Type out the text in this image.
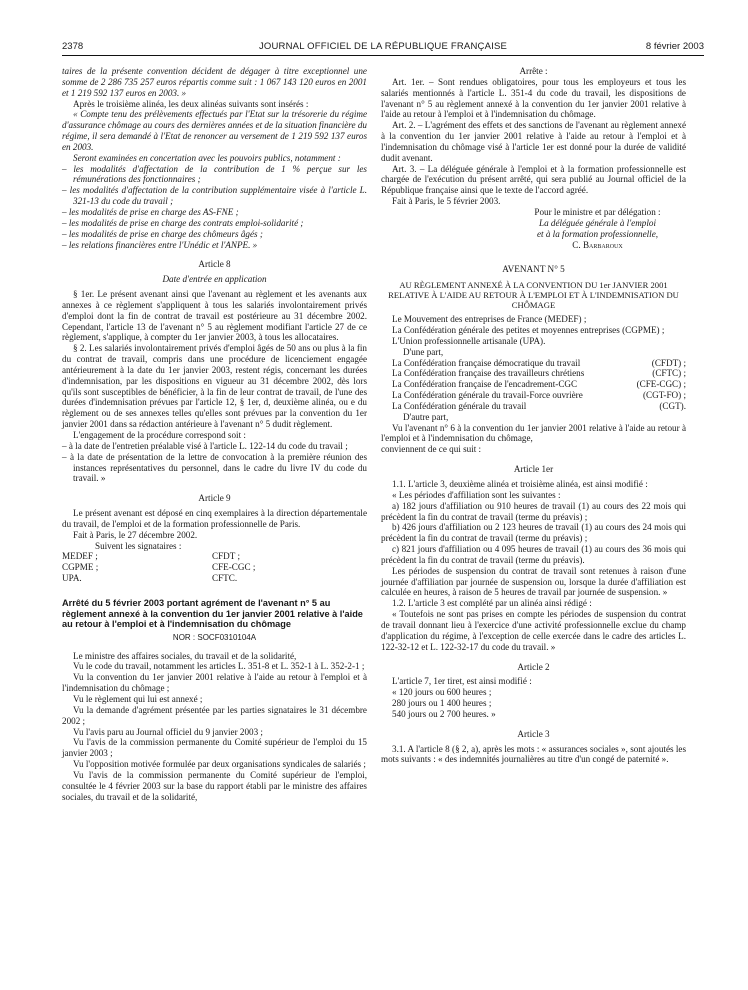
2378	JOURNAL OFFICIEL DE LA RÉPUBLIQUE FRANÇAISE	8 février 2003

taires de la présente convention décident de dégager à titre exceptionnel une somme de 2 286 735 257 euros répartis comme suit : 1 067 143 120 euros en 2001 et 1 219 592 137 euros en 2003. »

Après le troisième alinéa, les deux alinéas suivants sont insérés :

« Compte tenu des prélèvements effectués par l'Etat sur la trésorerie du régime d'assurance chômage au cours des dernières années et de la situation financière du régime, il sera demandé à l'Etat de renoncer au versement de 1 219 592 137 euros en 2003.

Seront examinées en concertation avec les pouvoirs publics, notamment :

– les modalités d'affectation de la contribution de 1 % perçue sur les rémunérations des fonctionnaires ;

– les modalités d'affectation de la contribution supplémentaire visée à l'article L. 321-13 du code du travail ;

– les modalités de prise en charge des AS-FNE ;

– les modalités de prise en charge des contrats emploi-solidarité ;

– les modalités de prise en charge des chômeurs âgés ;

– les relations financières entre l'Unédic et l'ANPE. »

Article 8

Date d'entrée en application

§ 1er. Le présent avenant ainsi que l'avenant au règlement et les avenants aux annexes à ce règlement s'appliquent à tous les salariés involontairement privés d'emploi dont la fin de contrat de travail est postérieure au 31 décembre 2002. Cependant, l'article 13 de l'avenant n° 5 au règlement modifiant l'article 27 de ce règlement, s'applique, à compter du 1er janvier 2003, à tous les allocataires.

§ 2. Les salariés involontairement privés d'emploi âgés de 50 ans ou plus à la fin du contrat de travail, compris dans une procédure de licenciement engagée antérieurement à la date du 1er janvier 2003, restent régis, concernant les durées d'indemnisation, par les dispositions en vigueur au 31 décembre 2002, dès lors qu'ils sont susceptibles de bénéficier, à la fin de leur contrat de travail, de l'une des durées d'indemnisation prévues par l'article 12, § 1er, d, deuxième alinéa, ou e du règlement ou de ses annexes telles qu'elles sont prévues par la convention du 1er janvier 2001 dans sa rédaction antérieure à l'avenant n° 5 dudit règlement.

L'engagement de la procédure correspond soit :

– à la date de l'entretien préalable visé à l'article L. 122-14 du code du travail ;

– à la date de présentation de la lettre de convocation à la première réunion des instances représentatives du personnel, dans le cadre du livre IV du code du travail. »

Article 9

Le présent avenant est déposé en cinq exemplaires à la direction départementale du travail, de l'emploi et de la formation professionnelle de Paris.

Fait à Paris, le 27 décembre 2002.

Suivent les signataires :

MEDEF ;	CFDT ;
CGPME ;	CFE-CGC ;
UPA.	CFTC.

Arrêté du 5 février 2003 portant agrément de l'avenant n° 5 au règlement annexé à la convention du 1er janvier 2001 relative à l'aide au retour à l'emploi et à l'indemnisation du chômage

NOR : SOCF0310104A

Le ministre des affaires sociales, du travail et de la solidarité,

Vu le code du travail, notamment les articles L. 351-8 et L. 352-1 à L. 352-2-1 ;

Vu la convention du 1er janvier 2001 relative à l'aide au retour à l'emploi et à l'indemnisation du chômage ;

Vu le règlement qui lui est annexé ;

Vu la demande d'agrément présentée par les parties signataires le 31 décembre 2002 ;

Vu l'avis paru au Journal officiel du 9 janvier 2003 ;

Vu l'avis de la commission permanente du Comité supérieur de l'emploi du 15 janvier 2003 ;

Vu l'opposition motivée formulée par deux organisations syndicales de salariés ;

Vu l'avis de la commission permanente du Comité supérieur de l'emploi, consultée le 4 février 2003 sur la base du rapport établi par le ministre des affaires sociales, du travail et de la solidarité,

Arrête :

Art. 1er. – Sont rendues obligatoires, pour tous les employeurs et tous les salariés mentionnés à l'article L. 351-4 du code du travail, les dispositions de l'avenant n° 5 au règlement annexé à la convention du 1er janvier 2001 relative à l'aide au retour à l'emploi et à l'indemnisation du chômage.

Art. 2. – L'agrément des effets et des sanctions de l'avenant au règlement annexé à la convention du 1er janvier 2001 relative à l'aide au retour à l'emploi et à l'indemnisation du chômage visé à l'article 1er est donné pour la durée de validité dudit avenant.

Art. 3. – La déléguée générale à l'emploi et à la formation professionnelle est chargée de l'exécution du présent arrêté, qui sera publié au Journal officiel de la République française ainsi que le texte de l'accord agréé.

Fait à Paris, le 5 février 2003.

Pour le ministre et par délégation :

La déléguée générale à l'emploi

et à la formation professionnelle,

C. Barbaroux

AVENANT N° 5

AU RÈGLEMENT ANNEXÉ À LA CONVENTION DU 1er JANVIER 2001 RELATIVE À L'AIDE AU RETOUR À L'EMPLOI ET À L'INDEMNISATION DU CHÔMAGE

Le Mouvement des entreprises de France (MEDEF) ;

La Confédération générale des petites et moyennes entreprises (CGPME) ;

L'Union professionnelle artisanale (UPA).

D'une part,

La Confédération française démocratique du travail	(CFDT) ;
La Confédération française des travailleurs chrétiens	(CFTC) ;
La Confédération française de l'encadrement-CGC	(CFE-CGC) ;
La Confédération générale du travail-Force ouvrière	(CGT-FO) ;
La Confédération générale du travail	(CGT).

D'autre part,

Vu l'avenant n° 6 à la convention du 1er janvier 2001 relative à l'aide au retour à l'emploi et à l'indemnisation du chômage,

conviennent de ce qui suit :

Article 1er

1.1. L'article 3, deuxième alinéa et troisième alinéa, est ainsi modifié :

« Les périodes d'affiliation sont les suivantes :

a) 182 jours d'affiliation ou 910 heures de travail (1) au cours des 22 mois qui précèdent la fin du contrat de travail (terme du préavis) ;

b) 426 jours d'affiliation ou 2 123 heures de travail (1) au cours des 24 mois qui précèdent la fin du contrat de travail (terme du préavis) ;

c) 821 jours d'affiliation ou 4 095 heures de travail (1) au cours des 36 mois qui précèdent la fin du contrat de travail (terme du préavis).

Les périodes de suspension du contrat de travail sont retenues à raison d'une journée d'affiliation par journée de suspension ou, lorsque la durée d'affiliation est calculée en heures, à raison de 5 heures de travail par journée de suspension. »

1.2. L'article 3 est complété par un alinéa ainsi rédigé :

« Toutefois ne sont pas prises en compte les périodes de suspension du contrat de travail donnant lieu à l'exercice d'une activité professionnelle exclue du champ d'application du régime, à l'exception de celle exercée dans le cadre des articles L. 122-32-12 et L. 122-32-17 du code du travail. »

Article 2

L'article 7, 1er tiret, est ainsi modifié :

« 120 jours ou 600 heures ;

280 jours ou 1 400 heures ;

540 jours ou 2 700 heures. »

Article 3

3.1. A l'article 8 (§ 2, a), après les mots : « assurances sociales », sont ajoutés les mots suivants : « des indemnités journalières au titre d'un congé de paternité ».
